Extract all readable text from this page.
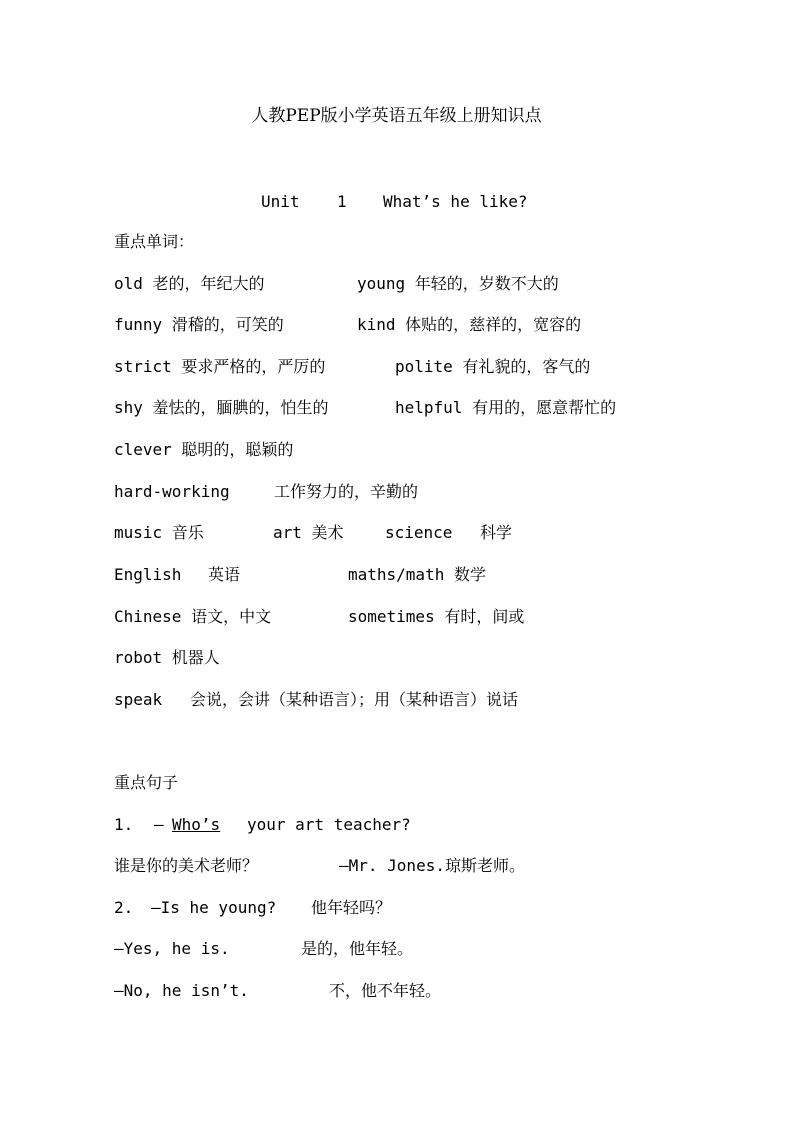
人教PEP版小学英语五年级上册知识点
Unit 1 What’s he like?
重点单词：
old 老的，年纪大的	young 年轻的，岁数不大的
funny 滑稽的，可笑的	kind 体贴的，慈祥的，宽容的
strict 要求严格的，严厉的	polite 有礼貌的，客气的
shy 羞怯的，腼腆的，怕生的	helpful 有用的，愿意帮忙的
clever 聪明的，聪颖的
hard-working	工作努力的，辛勤的
music 音乐	art 美术	science 科学
English 英语	maths/math 数学
Chinese 语文，中文	sometimes 有时，间或
robot 机器人
speak 会说，会讲（某种语言）；用（某种语言）说话
重点句子
1. — Who’s your art teacher?
谁是你的美术老师？	—Mr. Jones.琼斯老师。
2. —Is he young? 他年轻吗？
—Yes, he is.	是的，他年轻。
—No, he isn’t.	不，他不年轻。
